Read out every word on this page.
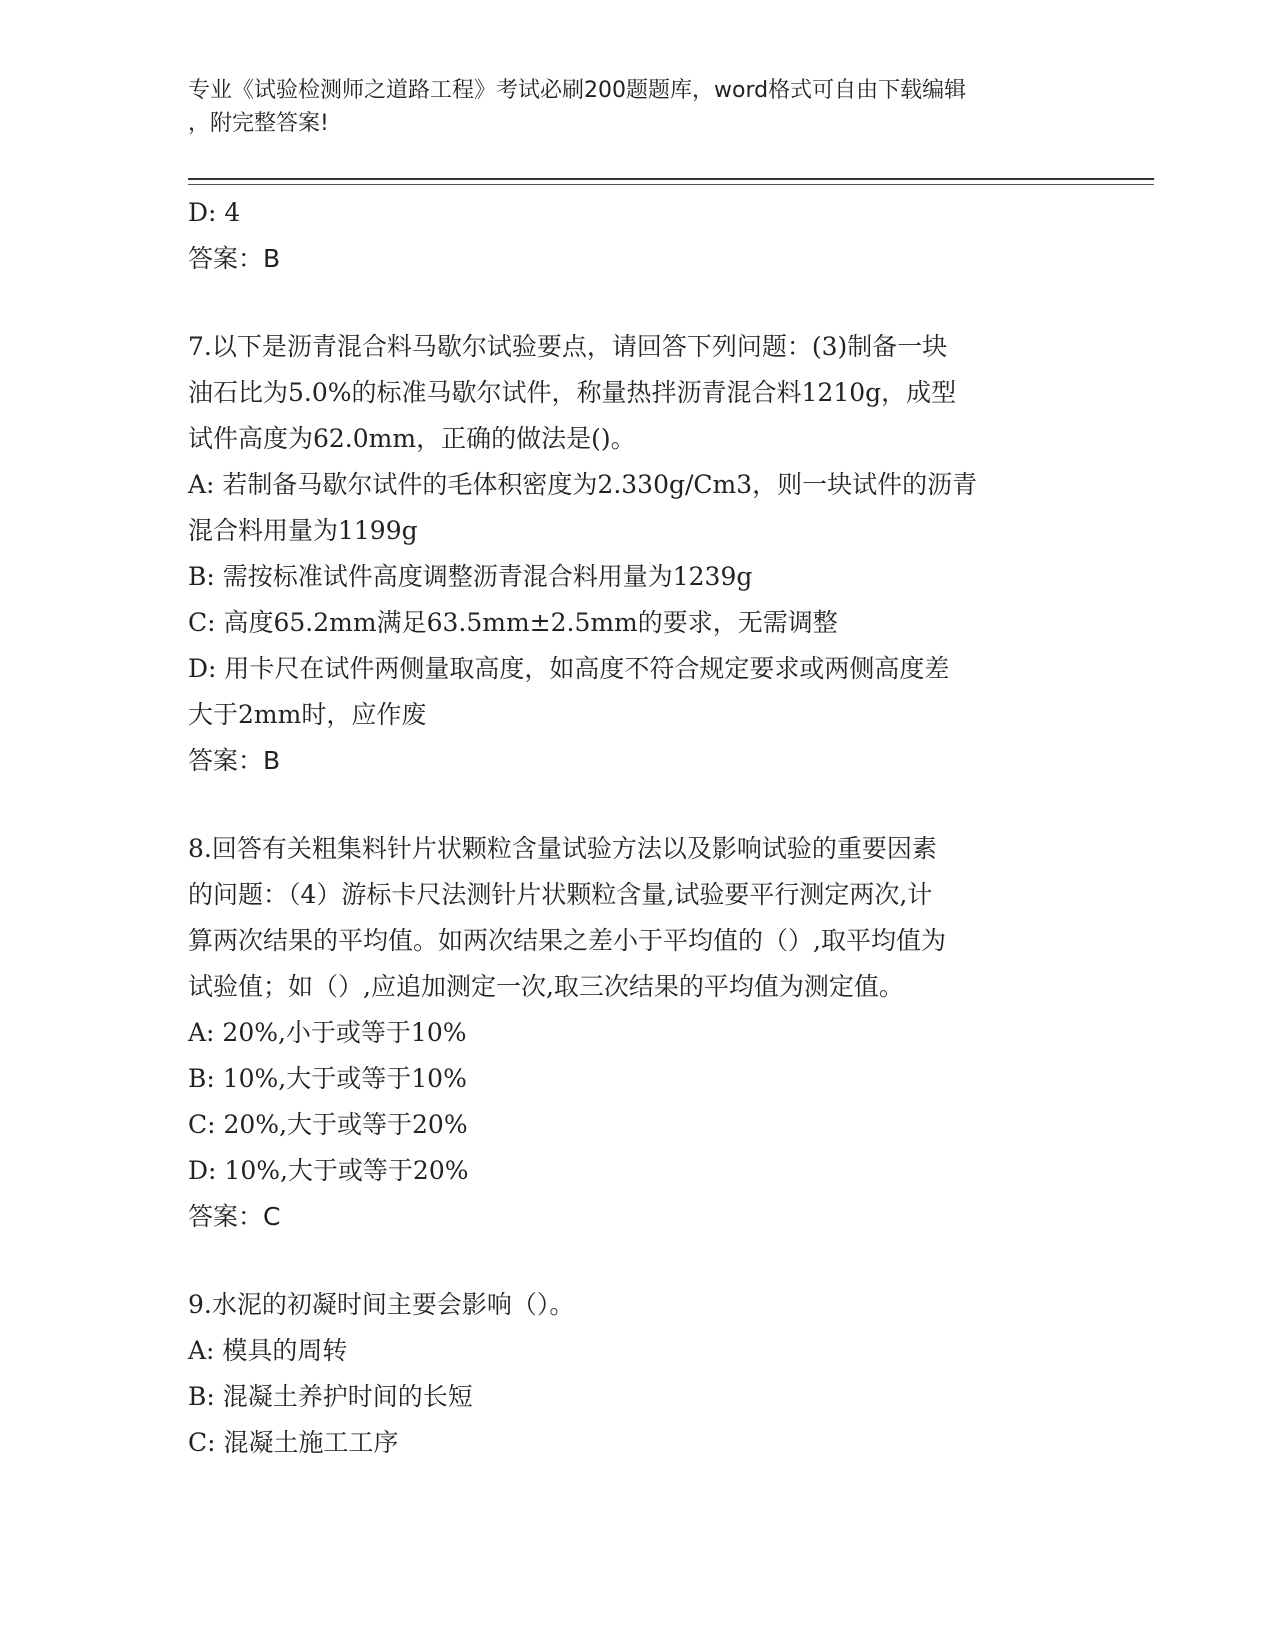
专业《试验检测师之道路工程》考试必刷200题题库，word格式可自由下载编辑
，附完整答案!
D: 4
答案：B
7.以下是沥青混合料马歇尔试验要点，请回答下列问题：(3)制备一块
油石比为5.0%的标准马歇尔试件，称量热拌沥青混合料1210g，成型
试件高度为62.0mm，正确的做法是()。
A: 若制备马歇尔试件的毛体积密度为2.330g/Cm3，则一块试件的沥青
混合料用量为1199g
B: 需按标准试件高度调整沥青混合料用量为1239g
C: 高度65.2mm满足63.5mm±2.5mm的要求，无需调整
D: 用卡尺在试件两侧量取高度，如高度不符合规定要求或两侧高度差
大于2mm时，应作废
答案：B
8.回答有关粗集料针片状颗粒含量试验方法以及影响试验的重要因素
的问题：（4）游标卡尺法测针片状颗粒含量,试验要平行测定两次,计
算两次结果的平均值。如两次结果之差小于平均值的（）,取平均值为
试验值；如（）,应追加测定一次,取三次结果的平均值为测定值。
A: 20%,小于或等于10%
B: 10%,大于或等于10%
C: 20%,大于或等于20%
D: 10%,大于或等于20%
答案：C
9.水泥的初凝时间主要会影响（）。
A: 模具的周转
B: 混凝土养护时间的长短
C: 混凝土施工工序
